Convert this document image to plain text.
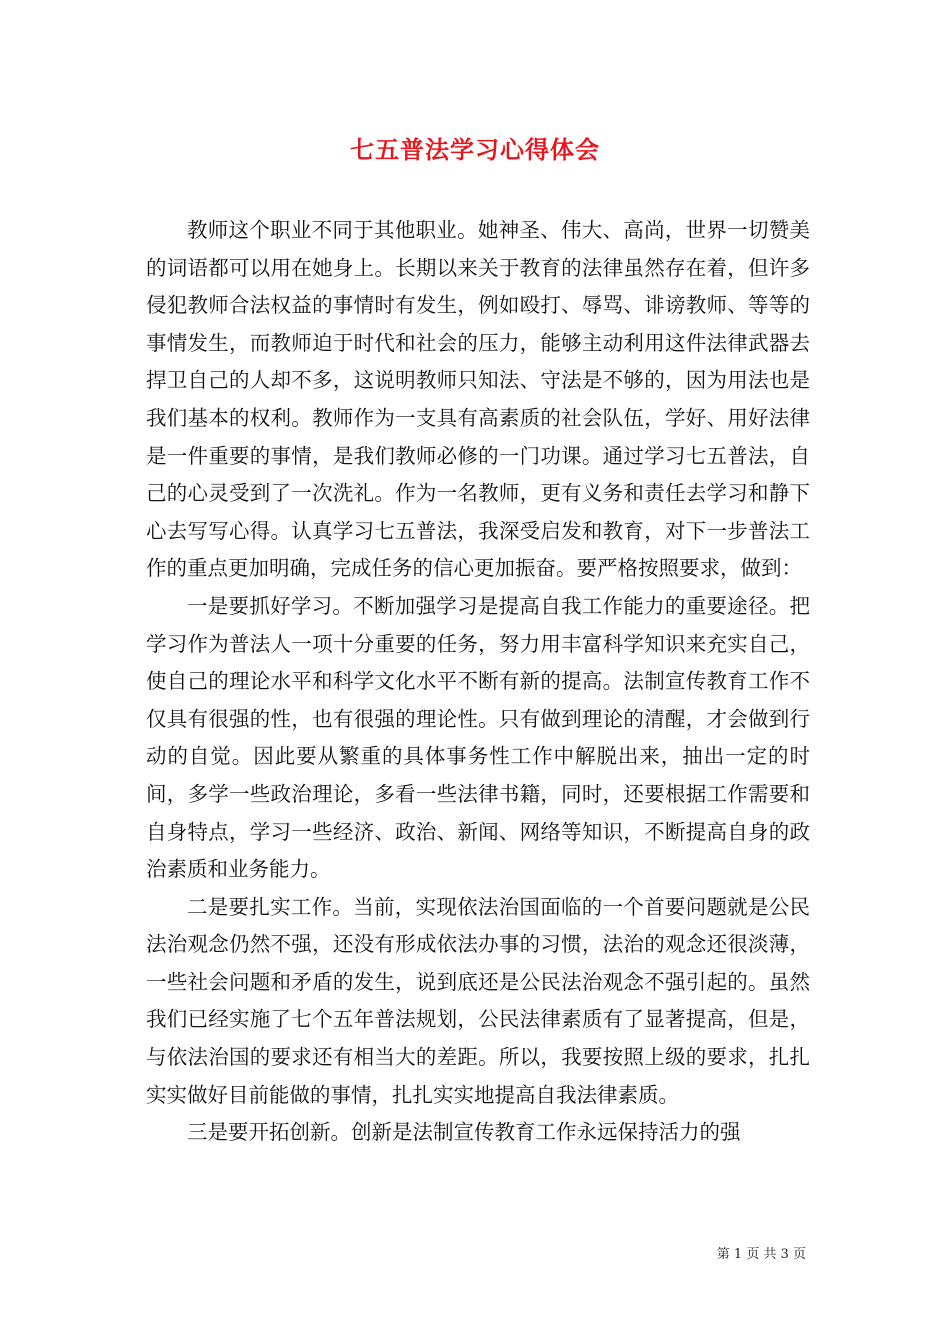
七五普法学习心得体会

教师这个职业不同于其他职业。她神圣、伟大、高尚，世界一切赞美的词语都可以用在她身上。长期以来关于教育的法律虽然存在着，但许多侵犯教师合法权益的事情时有发生，例如殴打、辱骂、诽谤教师、等等的事情发生，而教师迫于时代和社会的压力，能够主动利用这件法律武器去捍卫自己的人却不多，这说明教师只知法、守法是不够的，因为用法也是我们基本的权利。教师作为一支具有高素质的社会队伍，学好、用好法律是一件重要的事情，是我们教师必修的一门功课。通过学习七五普法，自己的心灵受到了一次洗礼。作为一名教师，更有义务和责任去学习和静下心去写写心得。认真学习七五普法，我深受启发和教育，对下一步普法工作的重点更加明确，完成任务的信心更加振奋。要严格按照要求，做到：

一是要抓好学习。不断加强学习是提高自我工作能力的重要途径。把学习作为普法人一项十分重要的任务，努力用丰富科学知识来充实自己，使自己的理论水平和科学文化水平不断有新的提高。法制宣传教育工作不仅具有很强的性，也有很强的理论性。只有做到理论的清醒，才会做到行动的自觉。因此要从繁重的具体事务性工作中解脱出来，抽出一定的时间，多学一些政治理论，多看一些法律书籍，同时，还要根据工作需要和自身特点，学习一些经济、政治、新闻、网络等知识，不断提高自身的政治素质和业务能力。

二是要扎实工作。当前，实现依法治国面临的一个首要问题就是公民法治观念仍然不强，还没有形成依法办事的习惯，法治的观念还很淡薄，一些社会问题和矛盾的发生，说到底还是公民法治观念不强引起的。虽然我们已经实施了七个五年普法规划，公民法律素质有了显著提高，但是，与依法治国的要求还有相当大的差距。所以，我要按照上级的要求，扎扎实实做好目前能做的事情，扎扎实实地提高自我法律素质。

三是要开拓创新。创新是法制宣传教育工作永远保持活力的强

第 1 页 共 3 页
